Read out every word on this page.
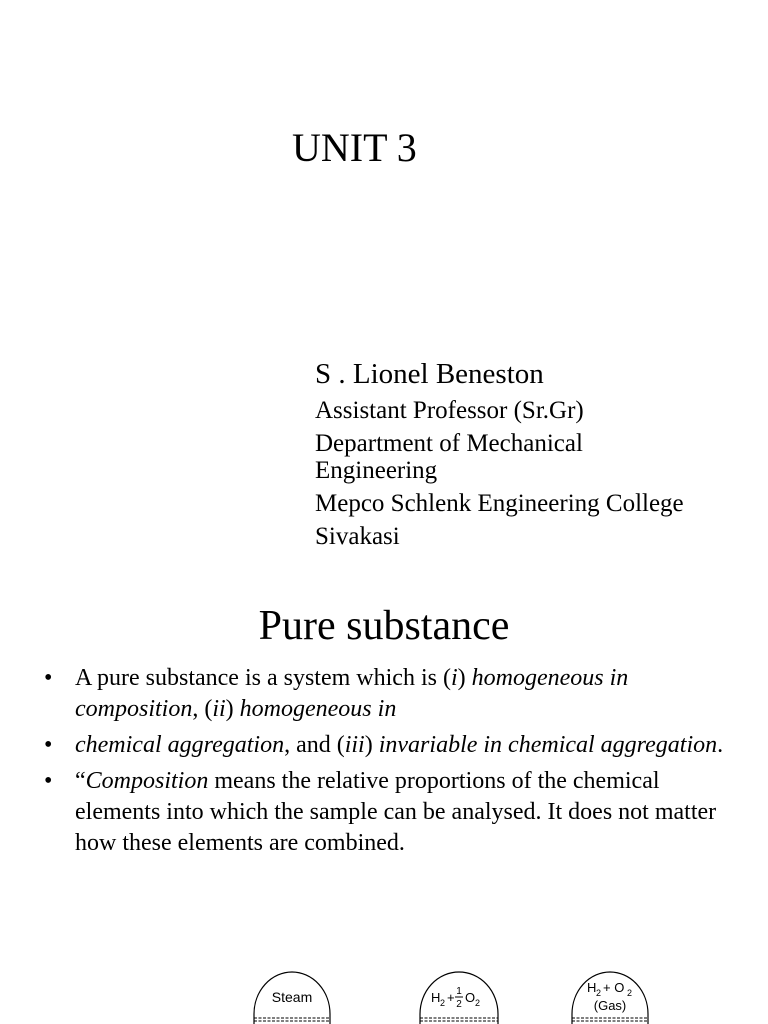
UNIT 3
S . Lionel Beneston
Assistant Professor (Sr.Gr)
Department of Mechanical Engineering
Mepco Schlenk Engineering College
Sivakasi
Pure substance
• A pure substance is a system which is (i) homogeneous in composition, (ii) homogeneous in
• chemical aggregation, and (iii) invariable in chemical aggregation.
• “Composition means the relative proportions of the chemical elements into which the sample can be analysed. It does not matter how these elements are combined.
Steam	H 2 + 1
2 O 2
H 2 + O 2
(Gas)
